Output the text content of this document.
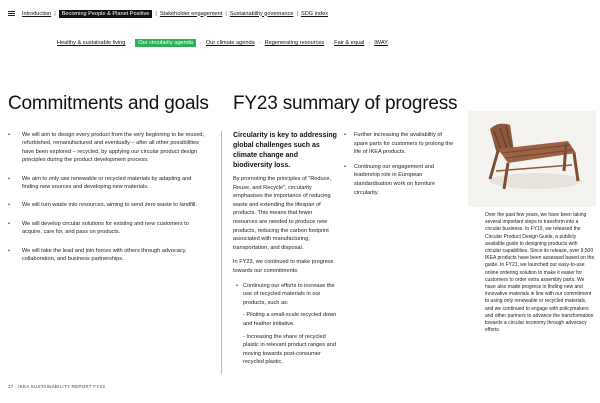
Introduction |	Becoming People & Planet Positive	| Stakeholder engagement | Sustainability governance | SDG index
Healthy & sustainable living ·	Our circularity agenda	· Our climate agenda · Regenerating resources · Fair & equal · IWAY
Commitments and goals FY23 summary of progress
• We will aim to design every product from the very beginning to be reused, refurbished, remanufactured and eventually – after all other possibilities have been explored – recycled, by applying our circular product design principles during the product development process.
• We aim to only use renewable or recycled materials by adapting and finding new sources and developing new materials.
• We will turn waste into resources, aiming to send zero waste to landfill.
• We will develop circular solutions for existing and new customers to acquire, care for, and pass on products.
• We will take the lead and join forces with others through advocacy, collaboration, and business partnerships.
Circularity is key to addressing global challenges such as climate change and biodiversity loss.

By promoting the principles of "Reduce, Reuse, and Recycle", circularity emphasises the importance of reducing waste and extending the lifespan of products. This means that fewer resources are needed to produce new products, reducing the carbon footprint associated with manufacturing, transportation, and disposal.

In FY23, we continued to make progress towards our commitments:

• Continuing our efforts to increase the use of recycled materials in our products, such as:
- Piloting a small-scale recycled down and feather initiative.
- Increasing the share of recycled plastic in relevant product ranges and moving towards post-consumer recycled plastic.
• Further increasing the availability of spare parts for customers to prolong the life of IKEA products.
• Continuing our engagement and leadership role in European standardisation work on furniture circularity.
Over the past few years, we have been taking several important steps to transform into a circular business. In FY19, we released the Circular Product Design Guide, a publicly available guide to designing products with circular capabilities. Since its release, over 9,500 IKEA products have been assessed based on the guide. In FY21, we launched our easy-to-use online ordering solution to make it easier for customers to order extra assembly parts. We have also made progress in finding new and innovative materials in line with our commitment to using only renewable or recycled materials, and we continued to engage with policymakers and other partners to advance the transformation towards a circular economy through advocacy efforts.
17 · IKEA SUSTAINABILITY REPORT FY23
